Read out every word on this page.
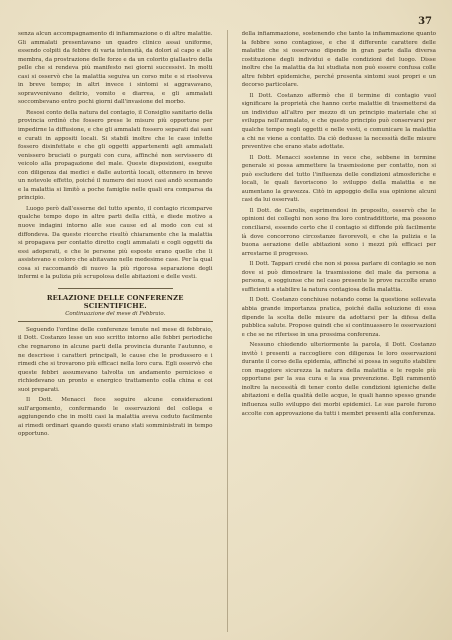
37

senza alcun accompagnamento di infiammazione o di altre malattie. Gli ammalati presentavano un quadro clinico assai uniforme, essendo colpiti da febbre di varia intensità, da dolori al capo e alle membra, da prostrazione delle forze e da un colorito giallastro della pelle che si rendeva più manifesto nei giorni successivi. In molti casi si osservò che la malattia seguiva un corso mite e si risolveva in breve tempo; in altri invece i sintomi si aggravavano, sopravvenivano delirio, vomito e diarrea, e gli ammalati soccombevano entro pochi giorni dall'invasione del morbo.

Resosi conto della natura del contagio, il Consiglio sanitario della provincia ordinò che fossero prese le misure più opportune per impedirne la diffusione, e che gli ammalati fossero separati dai sani e curati in appositi locali. Si stabilì inoltre che le case infette fossero disinfettate e che gli oggetti appartenenti agli ammalati venissero bruciati o purgati con cura, affinché non servissero di veicolo alla propagazione del male. Queste disposizioni, eseguite con diligenza dai medici e dalle autorità locali, ottennero in breve un notevole effetto, poiché il numero dei nuovi casi andò scemando e la malattia si limitò a poche famiglie nelle quali era comparsa da principio.

Luogo però dall'esserne del tutto spento, il contagio ricomparve qualche tempo dopo in altre parti della città, e diede motivo a nuove indagini intorno alle sue cause ed al modo con cui si diffondeva. Da queste ricerche risultò chiaramente che la malattia si propagava per contatto diretto cogli ammalati e cogli oggetti da essi adoperati, e che le persone più esposte erano quelle che li assistevano e coloro che abitavano nelle medesime case. Per la qual cosa si raccomandò di nuovo la più rigorosa separazione degli infermi e la pulizia più scrupolosa delle abitazioni e delle vesti.

RELAZIONE DELLE CONFERENZE SCIENTIFICHE.
Continuazione del mese di Febbraio.

Seguendo l'ordine delle conferenze tenute nel mese di febbraio, il Dott. Costanzo lesse un suo scritto intorno alle febbri periodiche che regnarono in alcune parti della provincia durante l'autunno, e ne descrisse i caratteri principali, le cause che le produssero e i rimedi che si trovarono più efficaci nella loro cura. Egli osservò che queste febbri assumevano talvolta un andamento pernicioso e richiedevano un pronto e energico trattamento colla china e coi suoi preparati.

Il Dott. Menacci fece seguire alcune considerazioni sull'argomento, confermando le osservazioni del collega e aggiungendo che in molti casi la malattia aveva ceduto facilmente ai rimedi ordinari quando questi erano stati somministrati in tempo opportuno.

della infiammazione, sostenendo che tanto la infiammazione quanto la febbre sono contagiose, e che il differente carattere delle malattie che si osservano dipende in gran parte dalla diversa costituzione degli individui e dalle condizioni del luogo. Disse inoltre che la malattia da lui studiata non può essere confusa colle altre febbri epidemiche, perché presenta sintomi suoi propri e un decorso particolare.

Il Dott. Costanzo affermò che il termine di contagio vuol significare la proprietà che hanno certe malattie di trasmettersi da un individuo all'altro per mezzo di un principio materiale che si sviluppa nell'ammalato, e che questo principio può conservarsi per qualche tempo negli oggetti e nelle vesti, e comunicare la malattia a chi ne viene a contatto. Da ciò dedusse la necessità delle misure preventive che erano state adottate.

Il Dott. Menacci sostenne in vece che, sebbene in termine generale si possa ammettere la trasmissione per contatto, non si può escludere del tutto l'influenza delle condizioni atmosferiche e locali, le quali favoriscono lo sviluppo della malattia e ne aumentano la gravezza. Citò in appoggio della sua opinione alcuni casi da lui osservati.

Il Dott. de Carolis, esprimendosi in proposito, osservò che le opinioni dei colleghi non sono fra loro contraddittorie, ma possono conciliarsi, essendo certo che il contagio si diffonde più facilmente là dove concorrono circostanze favorevoli, e che la pulizia e la buona aerazione delle abitazioni sono i mezzi più efficaci per arrestarne il progresso.

Il Dott. Tappari credé che non si possa parlare di contagio se non dove si può dimostrare la trasmissione del male da persona a persona, e soggiunse che nel caso presente le prove raccolte erano sufficienti a stabilire la natura contagiosa della malattia.

Il Dott. Costanzo conchiuse notando come la questione sollevata abbia grande importanza pratica, poiché dalla soluzione di essa dipende la scelta delle misure da adottarsi per la difesa della pubblica salute. Propose quindi che si continuassero le osservazioni e che se ne riferisse in una prossima conferenza.

Nessuno chiedendo ulteriormente la parola, il Dott. Costanzo invitò i presenti a raccogliere con diligenza le loro osservazioni durante il corso della epidemia, affinché si possa in seguito stabilire con maggiore sicurezza la natura della malattia e le regole più opportune per la sua cura e la sua prevenzione. Egli rammentò inoltre la necessità di tener conto delle condizioni igieniche delle abitazioni e della qualità delle acque, le quali hanno spesso grande influenza sullo sviluppo dei morbi epidemici. Le sue parole furono accolte con approvazione da tutti i membri presenti alla conferenza.
